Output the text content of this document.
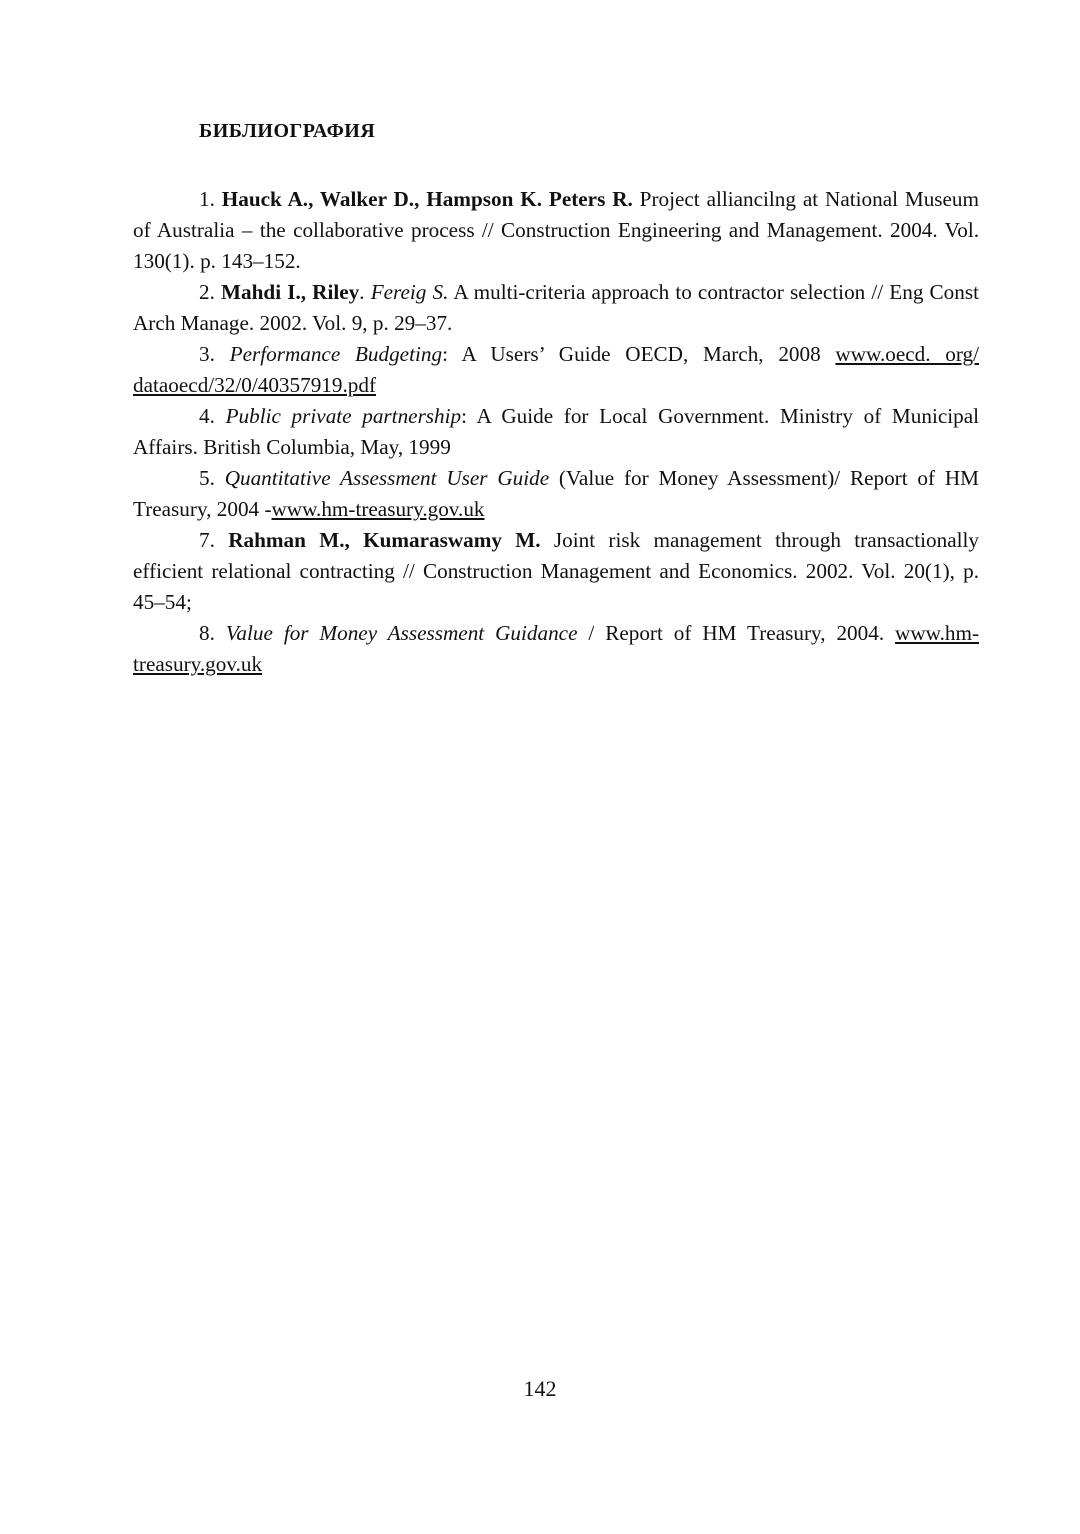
БИБЛИОГРАФИЯ

1. Hauck A., Walker D., Hampson K. Peters R. Project alliancilng at National Museum of Australia – the collaborative process // Construction Engineering and Management. 2004. Vol. 130(1). p. 143–152.

2. Mahdi I., Riley. Fereig S. A multi-criteria approach to contractor selection // Eng Const Arch Manage. 2002. Vol. 9, p. 29–37.

3. Performance Budgeting: A Users’ Guide OECD, March, 2008 www.oecd. org/ dataoecd/32/0/40357919.pdf

4. Public private partnership: A Guide for Local Government. Ministry of Municipal Affairs. British Columbia, May, 1999

5. Quantitative Assessment User Guide (Value for Money Assessment)/ Report of HM Treasury, 2004 -www.hm-treasury.gov.uk

7. Rahman M., Kumaraswamy M. Joint risk management through transactionally efficient relational contracting // Construction Management and Economics. 2002. Vol. 20(1), p. 45–54;

8. Value for Money Assessment Guidance / Report of HM Treasury, 2004. www.hm-treasury.gov.uk

142
